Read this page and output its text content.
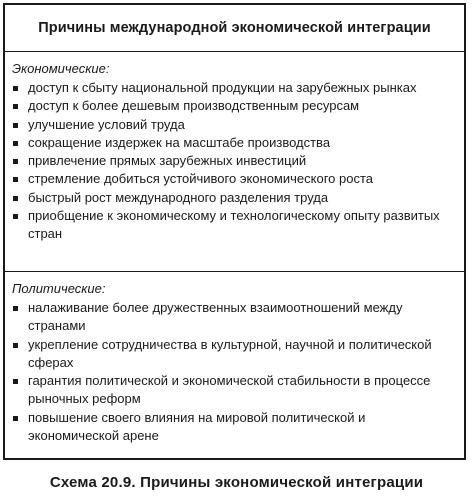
Причины международной экономической интеграции
Экономические:
доступ к сбыту национальной продукции на зарубежных рынках
доступ к более дешевым производственным ресурсам
улучшение условий труда
сокращение издержек на масштабе производства
привлечение прямых зарубежных инвестиций
стремление добиться устойчивого экономического роста
быстрый рост международного разделения труда
приобщение к экономическому и технологическому опыту развитых стран
Политические:
налаживание более дружественных взаимоотношений между странами
укрепление сотрудничества в культурной, научной и политической сферах
гарантия политической и экономической стабильности в процессе рыночных реформ
повышение своего влияния на мировой политической и экономической арене
Схема 20.9. Причины экономической интеграции
